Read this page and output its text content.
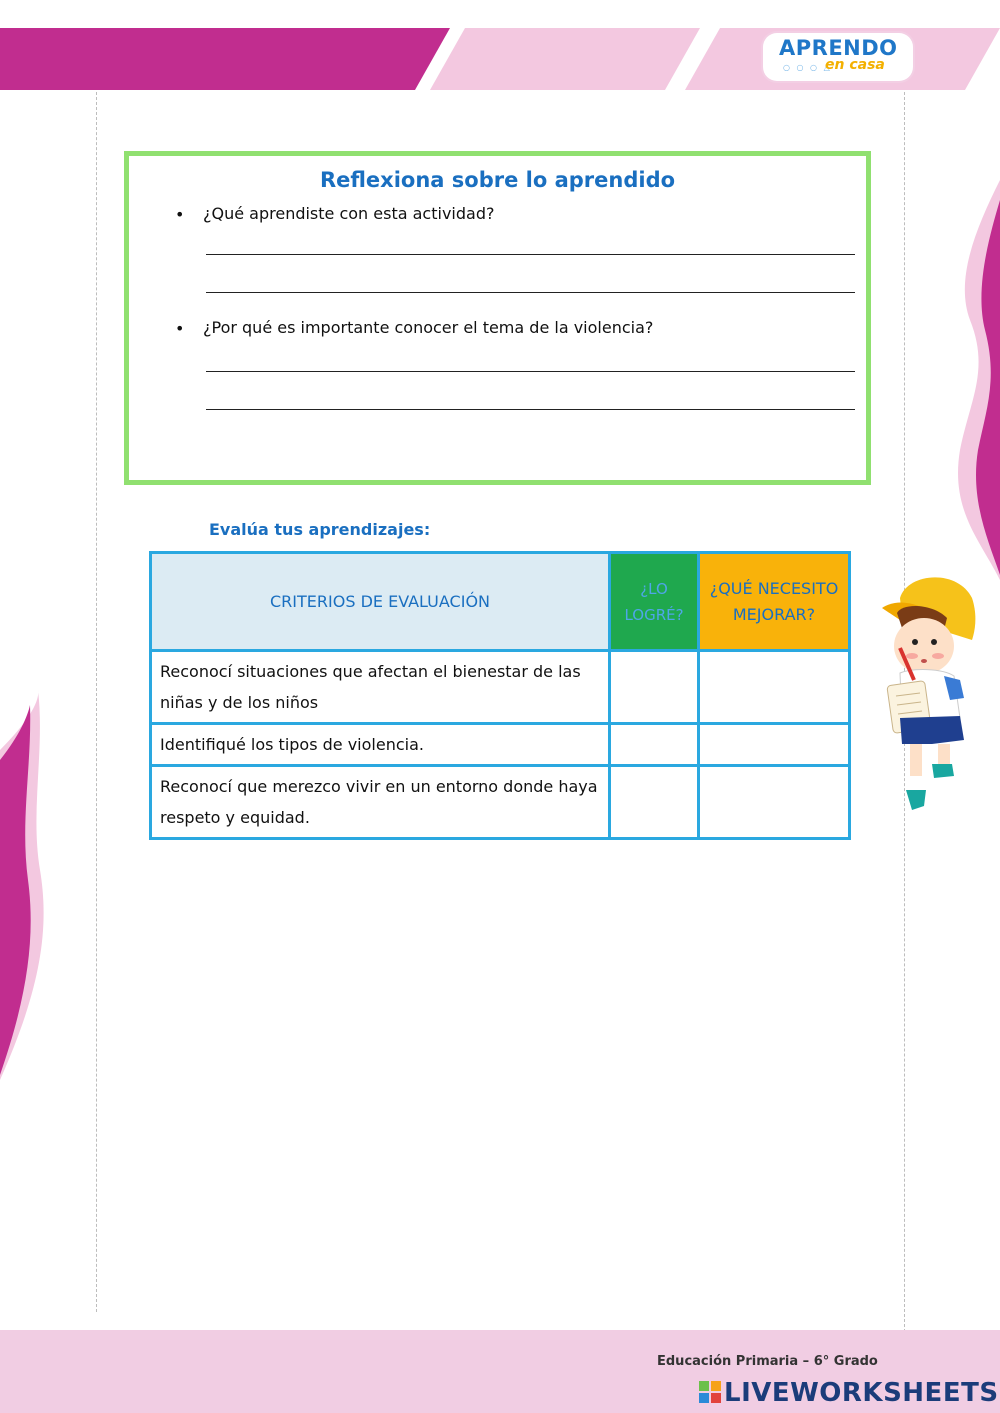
APRENDO
○ ○ ○ △
en casa
Reflexiona sobre lo aprendido
• ¿Qué aprendiste con esta actividad?
• ¿Por qué es importante conocer el tema de la violencia?
Evalúa tus aprendizajes:
CRITERIOS DE EVALUACIÓN	¿LO LOGRÉ?	¿QUÉ NECESITO MEJORAR?
Reconocí situaciones que afectan el bienestar de las niñas y de los niños		
Identifiqué los tipos de violencia.		
Reconocí que merezco vivir en un entorno donde haya respeto y equidad.		
Educación Primaria – 6° Grado
LIVEWORKSHEETS
